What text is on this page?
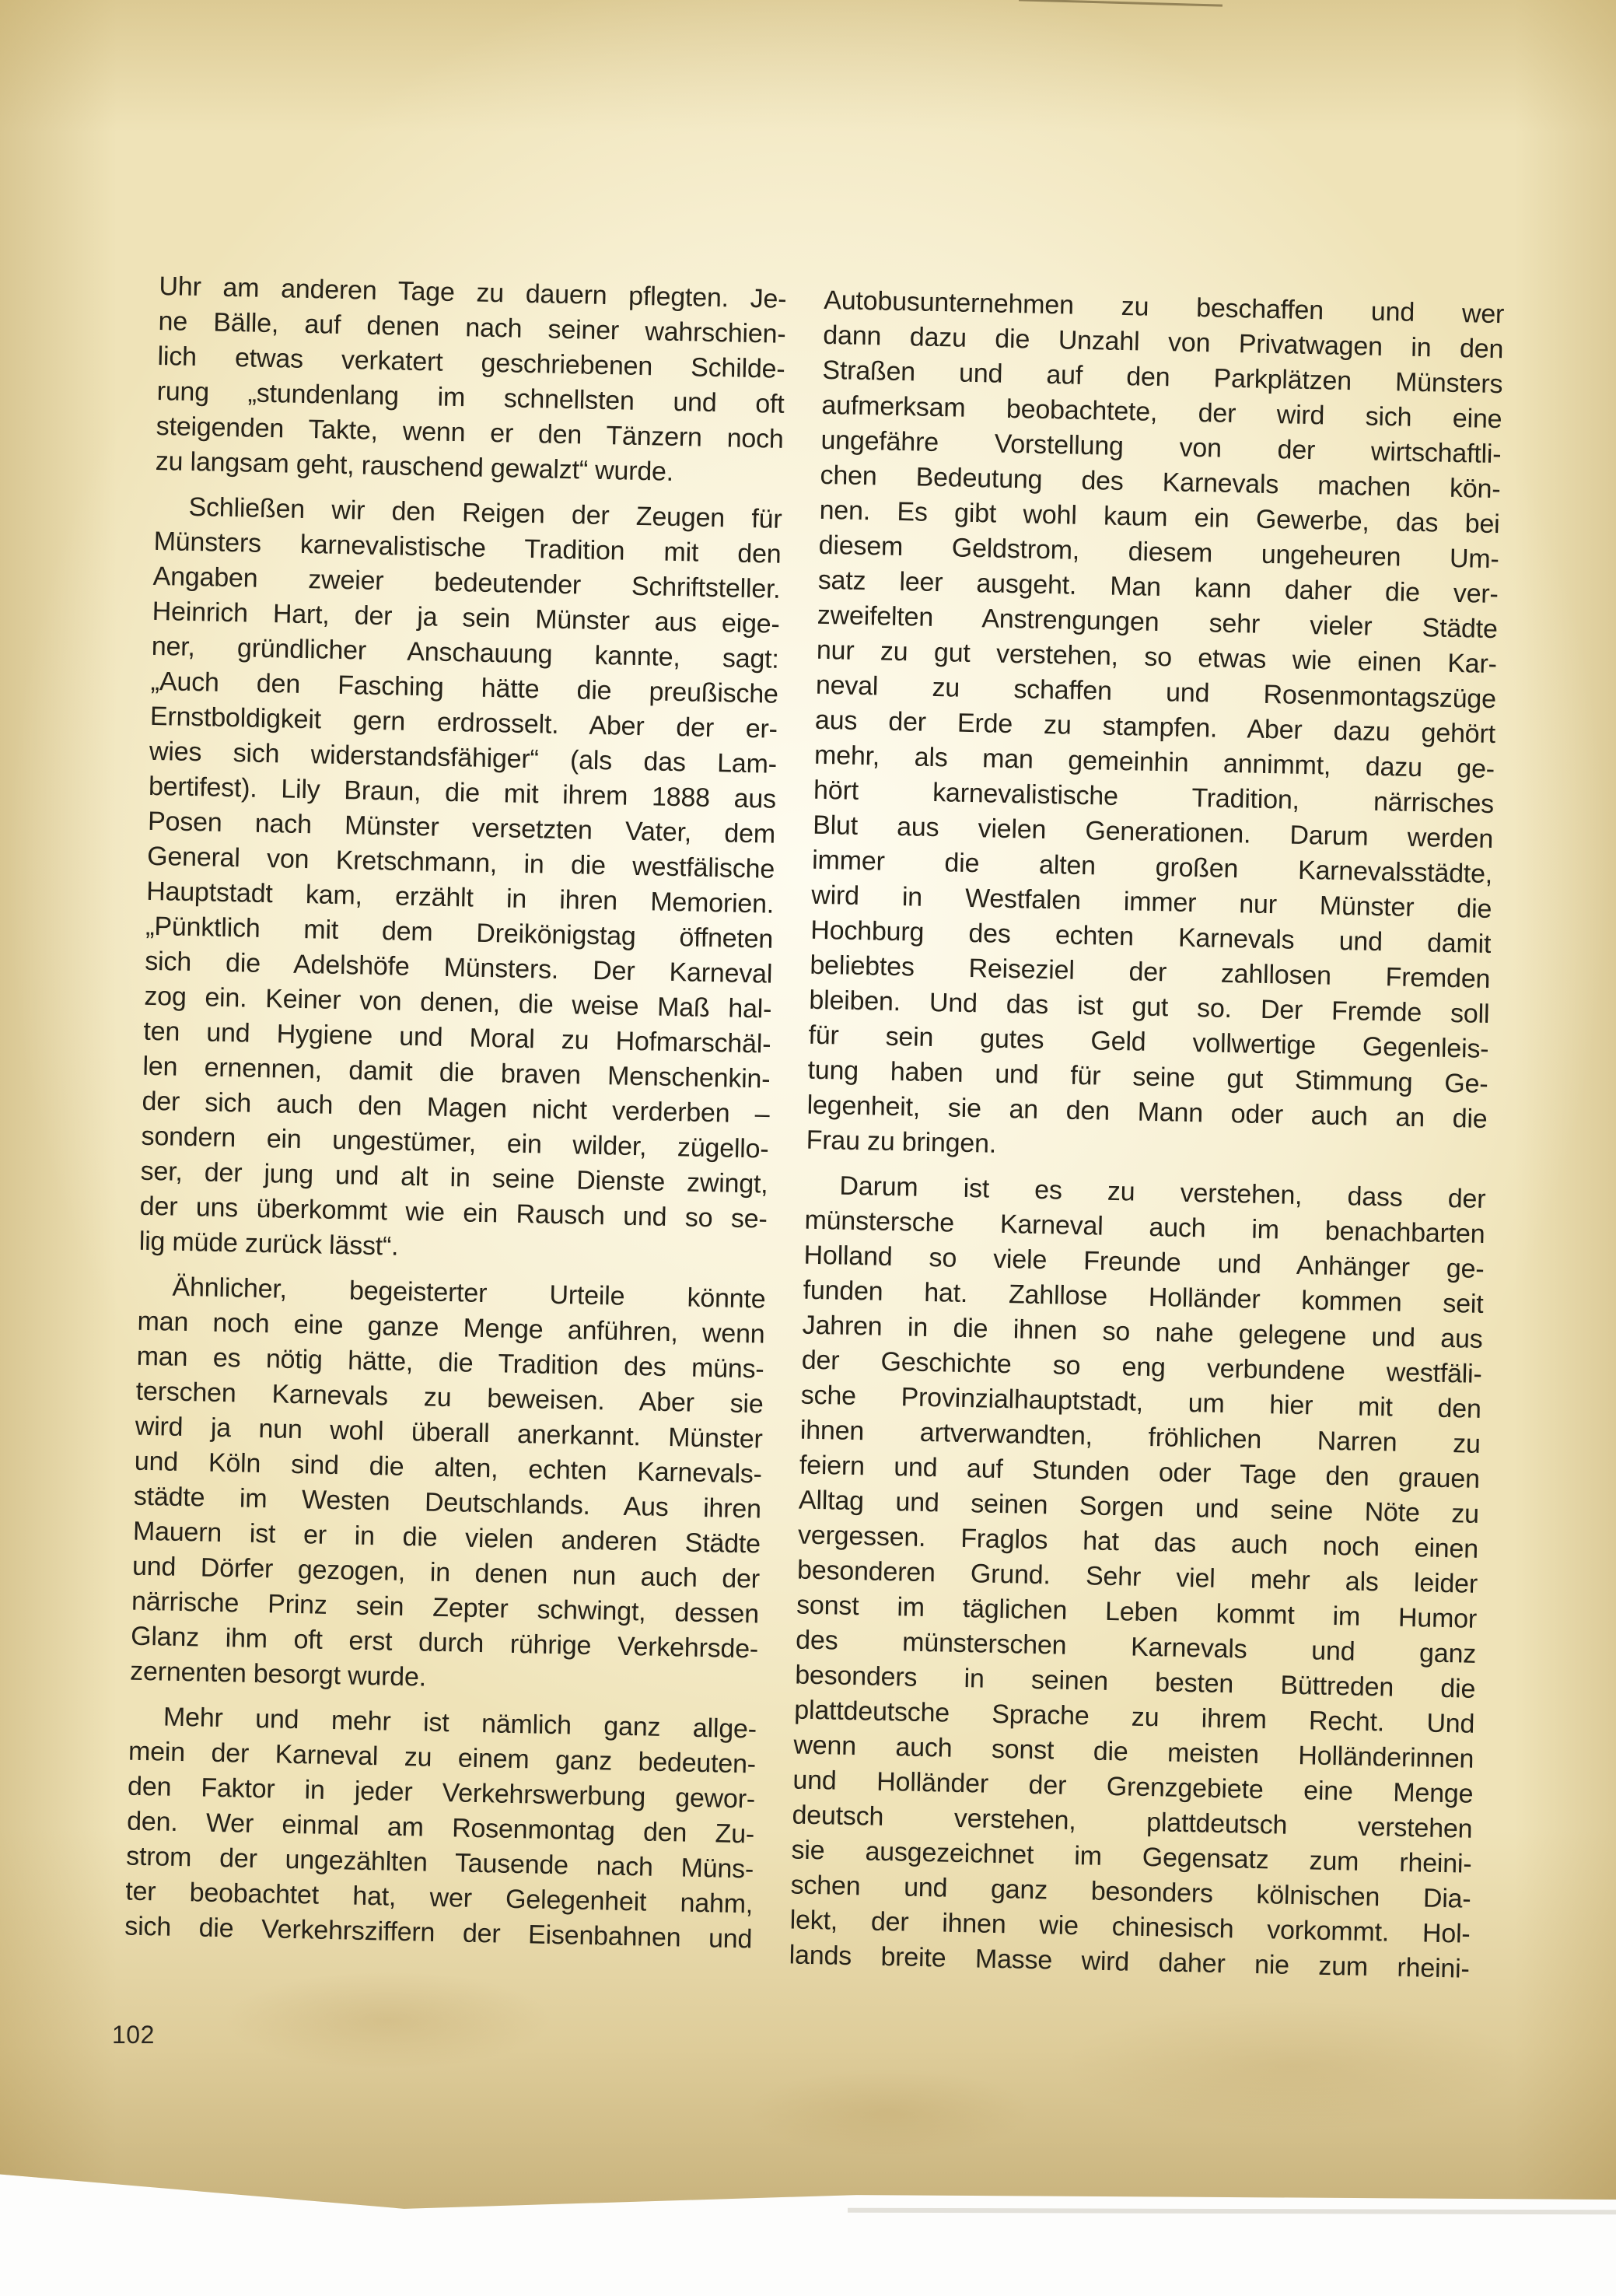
Uhr am anderen Tage zu dauern pflegten. Je-
ne Bälle, auf denen nach seiner wahrschien-
lich etwas verkatert geschriebenen Schilde-
rung „stundenlang im schnellsten und oft
steigenden Takte, wenn er den Tänzern noch
zu langsam geht, rauschend gewalzt“ wurde.
Schließen wir den Reigen der Zeugen für
Münsters karnevalistische Tradition mit den
Angaben zweier bedeutender Schriftsteller.
Heinrich Hart, der ja sein Münster aus eige-
ner, gründlicher Anschauung kannte, sagt:
„Auch den Fasching hätte die preußische
Ernstboldigkeit gern erdrosselt. Aber der er-
wies sich widerstandsfähiger“ (als das Lam-
bertifest). Lily Braun, die mit ihrem 1888 aus
Posen nach Münster versetzten Vater, dem
General von Kretschmann, in die westfälische
Hauptstadt kam, erzählt in ihren Memorien.
„Pünktlich mit dem Dreikönigstag öffneten
sich die Adelshöfe Münsters. Der Karneval
zog ein. Keiner von denen, die weise Maß hal-
ten und Hygiene und Moral zu Hofmarschäl-
len ernennen, damit die braven Menschenkin-
der sich auch den Magen nicht verderben –
sondern ein ungestümer, ein wilder, zügello-
ser, der jung und alt in seine Dienste zwingt,
der uns überkommt wie ein Rausch und so se-
lig müde zurück lässt“.
Ähnlicher, begeisterter Urteile könnte
man noch eine ganze Menge anführen, wenn
man es nötig hätte, die Tradition des müns-
terschen Karnevals zu beweisen. Aber sie
wird ja nun wohl überall anerkannt. Münster
und Köln sind die alten, echten Karnevals-
städte im Westen Deutschlands. Aus ihren
Mauern ist er in die vielen anderen Städte
und Dörfer gezogen, in denen nun auch der
närrische Prinz sein Zepter schwingt, dessen
Glanz ihm oft erst durch rührige Verkehrsde-
zernenten besorgt wurde.
Mehr und mehr ist nämlich ganz allge-
mein der Karneval zu einem ganz bedeuten-
den Faktor in jeder Verkehrswerbung gewor-
den. Wer einmal am Rosenmontag den Zu-
strom der ungezählten Tausende nach Müns-
ter beobachtet hat, wer Gelegenheit nahm,
sich die Verkehrsziffern der Eisenbahnen und
Autobusunternehmen zu beschaffen und wer
dann dazu die Unzahl von Privatwagen in den
Straßen und auf den Parkplätzen Münsters
aufmerksam beobachtete, der wird sich eine
ungefähre Vorstellung von der wirtschaftli-
chen Bedeutung des Karnevals machen kön-
nen. Es gibt wohl kaum ein Gewerbe, das bei
diesem Geldstrom, diesem ungeheuren Um-
satz leer ausgeht. Man kann daher die ver-
zweifelten Anstrengungen sehr vieler Städte
nur zu gut verstehen, so etwas wie einen Kar-
neval zu schaffen und Rosenmontagszüge
aus der Erde zu stampfen. Aber dazu gehört
mehr, als man gemeinhin annimmt, dazu ge-
hört karnevalistische Tradition, närrisches
Blut aus vielen Generationen. Darum werden
immer die alten großen Karnevalsstädte,
wird in Westfalen immer nur Münster die
Hochburg des echten Karnevals und damit
beliebtes Reiseziel der zahllosen Fremden
bleiben. Und das ist gut so. Der Fremde soll
für sein gutes Geld vollwertige Gegenleis-
tung haben und für seine gut Stimmung Ge-
legenheit, sie an den Mann oder auch an die
Frau zu bringen.
Darum ist es zu verstehen, dass der
münstersche Karneval auch im benachbarten
Holland so viele Freunde und Anhänger ge-
funden hat. Zahllose Holländer kommen seit
Jahren in die ihnen so nahe gelegene und aus
der Geschichte so eng verbundene westfäli-
sche Provinzialhauptstadt, um hier mit den
ihnen artverwandten, fröhlichen Narren zu
feiern und auf Stunden oder Tage den grauen
Alltag und seinen Sorgen und seine Nöte zu
vergessen. Fraglos hat das auch noch einen
besonderen Grund. Sehr viel mehr als leider
sonst im täglichen Leben kommt im Humor
des münsterschen Karnevals und ganz
besonders in seinen besten Büttreden die
plattdeutsche Sprache zu ihrem Recht. Und
wenn auch sonst die meisten Holländerinnen
und Holländer der Grenzgebiete eine Menge
deutsch verstehen, plattdeutsch verstehen
sie ausgezeichnet im Gegensatz zum rheini-
schen und ganz besonders kölnischen Dia-
lekt, der ihnen wie chinesisch vorkommt. Hol-
lands breite Masse wird daher nie zum rheini-
102
